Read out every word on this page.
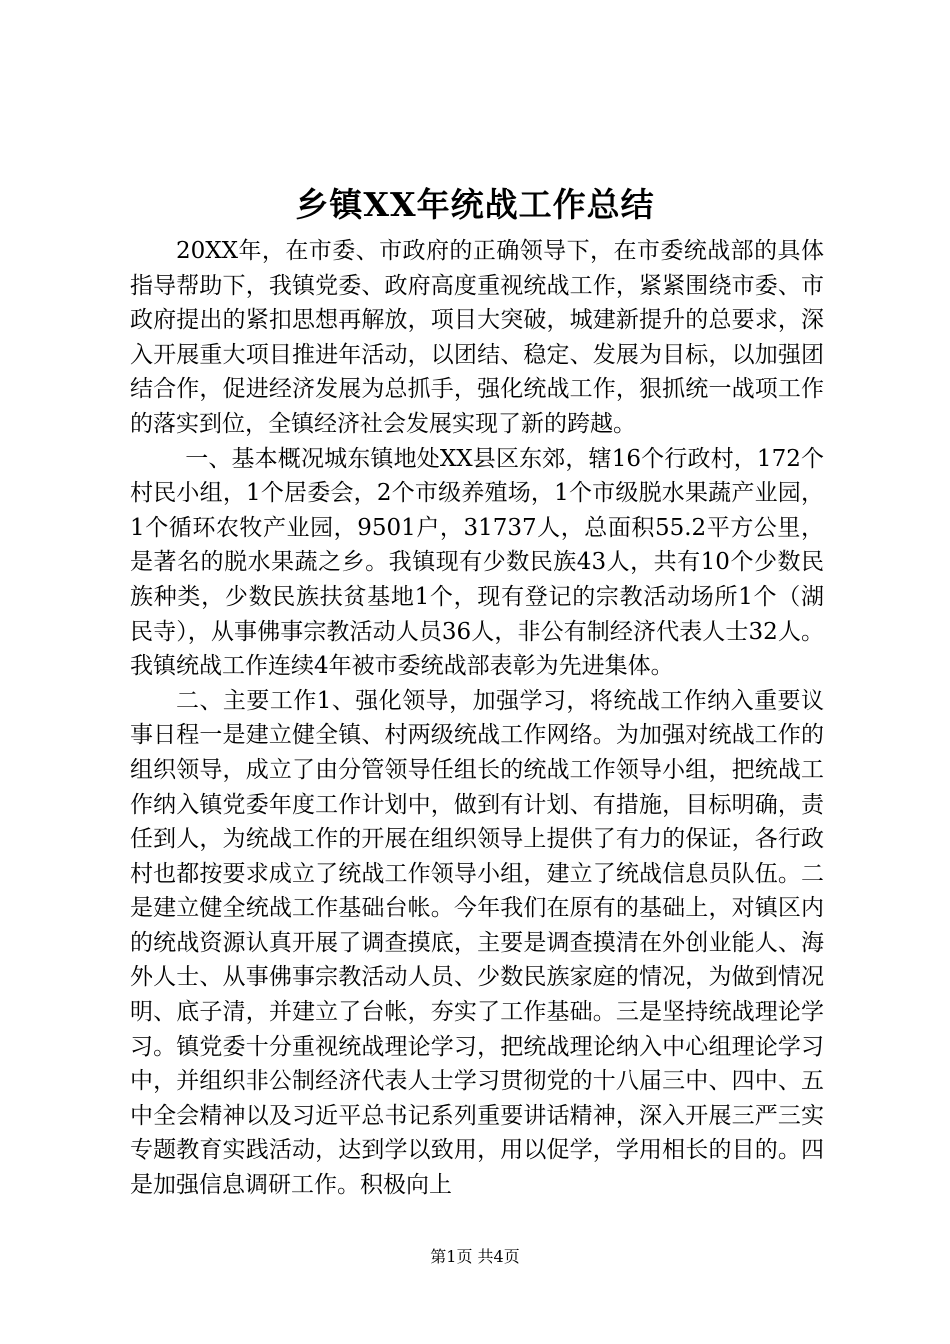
乡镇XX年统战工作总结

20XX年，在市委、市政府的正确领导下，在市委统战部的具体指导帮助下，我镇党委、政府高度重视统战工作，紧紧围绕市委、市政府提出的紧扣思想再解放，项目大突破，城建新提升的总要求，深入开展重大项目推进年活动，以团结、稳定、发展为目标，以加强团结合作，促进经济发展为总抓手，强化统战工作，狠抓统一战项工作的落实到位，全镇经济社会发展实现了新的跨越。

一、基本概况城东镇地处XX县区东郊，辖16个行政村，172个村民小组，1个居委会，2个市级养殖场，1个市级脱水果蔬产业园，1个循环农牧产业园，9501户，31737人，总面积55.2平方公里，是著名的脱水果蔬之乡。我镇现有少数民族43人，共有10个少数民族种类，少数民族扶贫基地1个，现有登记的宗教活动场所1个（湖民寺），从事佛事宗教活动人员36人，非公有制经济代表人士32人。我镇统战工作连续4年被市委统战部表彰为先进集体。

二、主要工作1、强化领导，加强学习，将统战工作纳入重要议事日程一是建立健全镇、村两级统战工作网络。为加强对统战工作的组织领导，成立了由分管领导任组长的统战工作领导小组，把统战工作纳入镇党委年度工作计划中，做到有计划、有措施，目标明确，责任到人，为统战工作的开展在组织领导上提供了有力的保证，各行政村也都按要求成立了统战工作领导小组，建立了统战信息员队伍。二是建立健全统战工作基础台帐。今年我们在原有的基础上，对镇区内的统战资源认真开展了调查摸底，主要是调查摸清在外创业能人、海外人士、从事佛事宗教活动人员、少数民族家庭的情况，为做到情况明、底子清，并建立了台帐，夯实了工作基础。三是坚持统战理论学习。镇党委十分重视统战理论学习，把统战理论纳入中心组理论学习中，并组织非公制经济代表人士学习贯彻党的十八届三中、四中、五中全会精神以及习近平总书记系列重要讲话精神，深入开展三严三实专题教育实践活动，达到学以致用，用以促学，学用相长的目的。四是加强信息调研工作。积极向上

第1页 共4页
